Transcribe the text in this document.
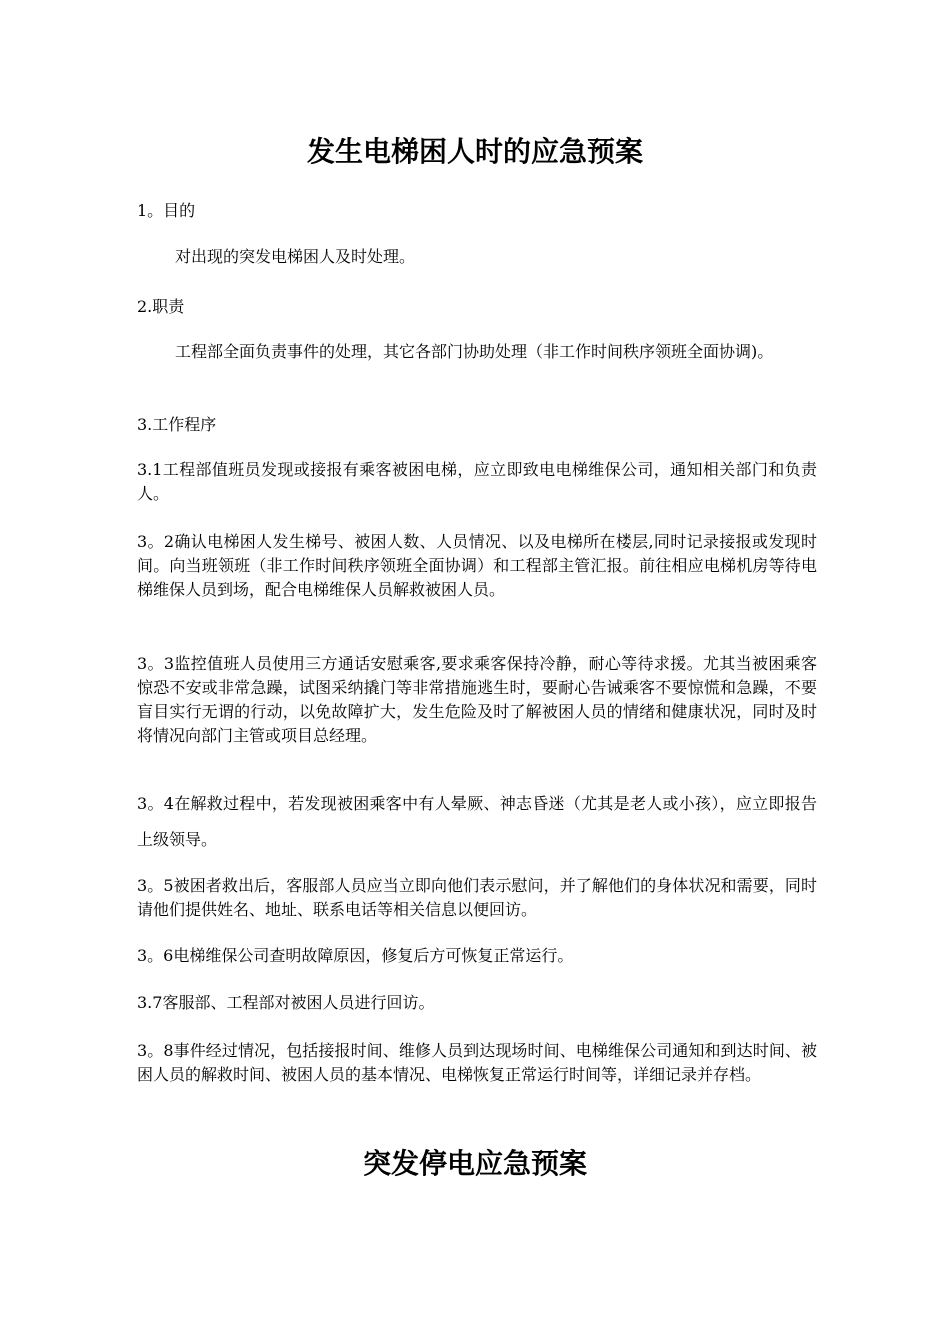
发生电梯困人时的应急预案
1。目的
对出现的突发电梯困人及时处理。
2.职责
工程部全面负责事件的处理，其它各部门协助处理（非工作时间秩序领班全面协调)。
3.工作程序
3.1工程部值班员发现或接报有乘客被困电梯，应立即致电电梯维保公司，通知相关部门和负责人。
3。2确认电梯困人发生梯号、被困人数、人员情况、以及电梯所在楼层,同时记录接报或发现时间。向当班领班（非工作时间秩序领班全面协调）和工程部主管汇报。前往相应电梯机房等待电梯维保人员到场，配合电梯维保人员解救被困人员。
3。3监控值班人员使用三方通话安慰乘客,要求乘客保持冷静，耐心等待求援。尤其当被困乘客惊恐不安或非常急躁，试图采纳撬门等非常措施逃生时，要耐心告诫乘客不要惊慌和急躁，不要盲目实行无谓的行动，以免故障扩大，发生危险及时了解被困人员的情绪和健康状况，同时及时将情况向部门主管或项目总经理。
3。4在解救过程中，若发现被困乘客中有人晕厥、神志昏迷（尤其是老人或小孩），应立即报告上级领导。
3。5被困者救出后，客服部人员应当立即向他们表示慰问，并了解他们的身体状况和需要，同时请他们提供姓名、地址、联系电话等相关信息以便回访。
3。6电梯维保公司查明故障原因，修复后方可恢复正常运行。
3.7客服部、工程部对被困人员进行回访。
3。8事件经过情况，包括接报时间、维修人员到达现场时间、电梯维保公司通知和到达时间、被困人员的解救时间、被困人员的基本情况、电梯恢复正常运行时间等，详细记录并存档。
突发停电应急预案
